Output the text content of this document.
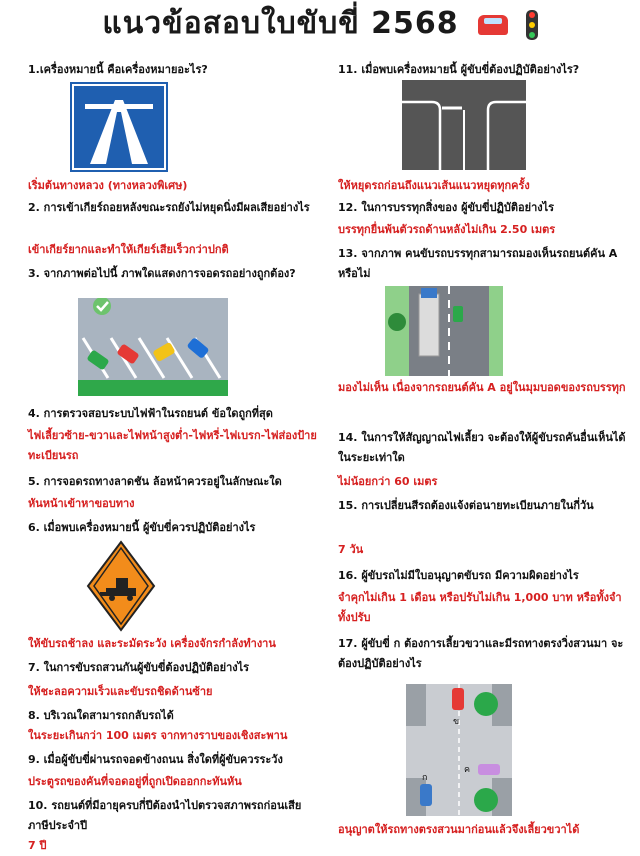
แนวข้อสอบใบขับขี่ 2568
1.เครื่องหมายนี้ คือเครื่องหมายอะไร?
เริ่มต้นทางหลวง (ทางหลวงพิเศษ)
2. การเข้าเกียร์ถอยหลังขณะรถยังไม่หยุดนิ่งมีผลเสียอย่างไร
เข้าเกียร์ยากและทำให้เกียร์เสียเร็วกว่าปกติ
3. จากภาพต่อไปนี้ ภาพใดแสดงการจอดรถอย่างถูกต้อง?
4. การตรวจสอบระบบไฟฟ้าในรถยนต์ ข้อใดถูกที่สุด
ไฟเลี้ยวซ้าย-ขวาและไฟหน้าสูงต่ำ-ไฟหรี่-ไฟเบรก-ไฟส่องป้ายทะเบียนรถ
5. การจอดรถทางลาดชัน ล้อหน้าควรอยู่ในลักษณะใด
หันหน้าเข้าหาขอบทาง
6. เมื่อพบเครื่องหมายนี้ ผู้ขับขี่ควรปฏิบัติอย่างไร
ให้ขับรถช้าลง และระมัดระวัง เครื่องจักรกำลังทำงาน
7. ในการขับรถสวนกันผู้ขับขี่ต้องปฏิบัติอย่างไร
ให้ชะลอความเร็วและขับรถชิดด้านซ้าย
8. บริเวณใดสามารถกลับรถได้
ในระยะเกินกว่า 100 เมตร จากทางราบของเชิงสะพาน
9. เมื่อผู้ขับขี่ผ่านรถจอดข้างถนน สิ่งใดที่ผู้ขับควรระวัง
ประตูรถของคันที่จอดอยู่ที่ถูกเปิดออกกะทันหัน
10. รถยนต์ที่มีอายุครบกี่ปีต้องนำไปตรวจสภาพรถก่อนเสียภาษีประจำปี
7 ปี
11. เมื่อพบเครื่องหมายนี้ ผู้ขับขี่ต้องปฏิบัติอย่างไร?
ให้หยุดรถก่อนถึงแนวเส้นแนวหยุดทุกครั้ง
12. ในการบรรทุกสิ่งของ ผู้ขับขี่ปฏิบัติอย่างไร
บรรทุกยื่นพ้นตัวรถด้านหลังไม่เกิน 2.50 เมตร
13. จากภาพ คนขับรถบรรทุกสามารถมองเห็นรถยนต์คัน A หรือไม่
มองไม่เห็น เนื่องจากรถยนต์คัน A อยู่ในมุมบอดของรถบรรทุก
14. ในการให้สัญญาณไฟเลี้ยว จะต้องให้ผู้ขับรถคันอื่นเห็นได้ในระยะเท่าใด
ไม่น้อยกว่า 60 เมตร
15. การเปลี่ยนสีรถต้องแจ้งต่อนายทะเบียนภายในกี่วัน
7 วัน
16. ผู้ขับรถไม่มีใบอนุญาตขับรถ มีความผิดอย่างไร
จำคุกไม่เกิน 1 เดือน หรือปรับไม่เกิน 1,000 บาท หรือทั้งจำทั้งปรับ
17. ผู้ขับขี่ ก ต้องการเลี้ยวขวาและมีรถทางตรงวิ่งสวนมา จะต้องปฏิบัติอย่างไร
ข
ก
ค
อนุญาตให้รถทางตรงสวนมาก่อนแล้วจึงเลี้ยวขวาได้
